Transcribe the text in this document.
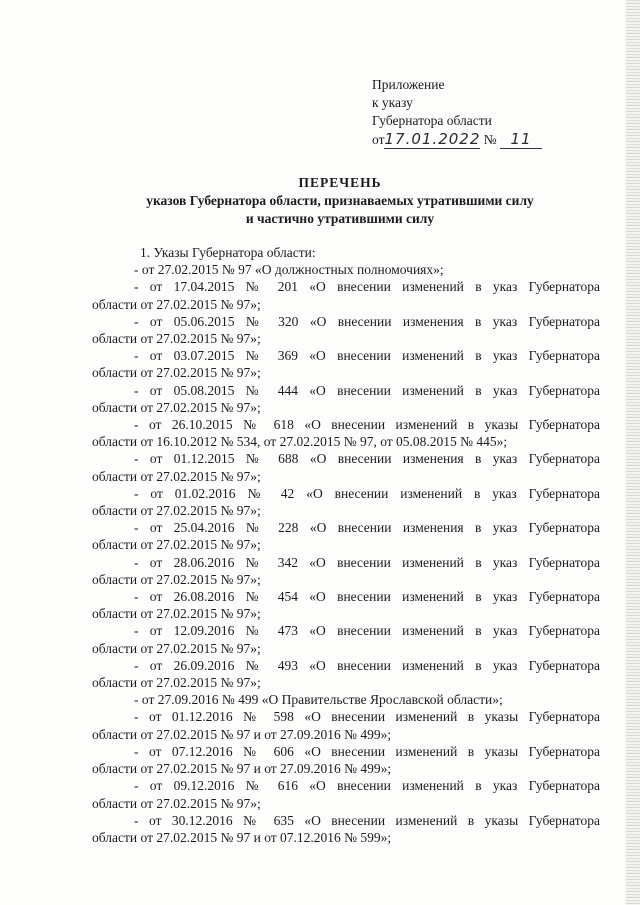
Приложение
к указу
Губернатора области
от17.01.2022 № 11
ПЕРЕЧЕНЬ
указов Губернатора области, признаваемых утратившими силу
и частично утратившими силу
1. Указы Губернатора области:
- от 27.02.2015 № 97 «О должностных полномочиях»;
- от 17.04.2015 № 201 «О внесении изменений в указ Губернатора
области от 27.02.2015 № 97»;
- от 05.06.2015 № 320 «О внесении изменения в указ Губернатора
области от 27.02.2015 № 97»;
- от 03.07.2015 № 369 «О внесении изменений в указ Губернатора
области от 27.02.2015 № 97»;
- от 05.08.2015 № 444 «О внесении изменений в указ Губернатора
области от 27.02.2015 № 97»;
- от 26.10.2015 № 618 «О внесении изменений в указы Губернатора
области от 16.10.2012 № 534, от 27.02.2015 № 97, от 05.08.2015 № 445»;
- от 01.12.2015 № 688 «О внесении изменения в указ Губернатора
области от 27.02.2015 № 97»;
- от 01.02.2016 № 42 «О внесении изменений в указ Губернатора
области от 27.02.2015 № 97»;
- от 25.04.2016 № 228 «О внесении изменения в указ Губернатора
области от 27.02.2015 № 97»;
- от 28.06.2016 № 342 «О внесении изменений в указ Губернатора
области от 27.02.2015 № 97»;
- от 26.08.2016 № 454 «О внесении изменений в указ Губернатора
области от 27.02.2015 № 97»;
- от 12.09.2016 № 473 «О внесении изменений в указ Губернатора
области от 27.02.2015 № 97»;
- от 26.09.2016 № 493 «О внесении изменений в указ Губернатора
области от 27.02.2015 № 97»;
- от 27.09.2016 № 499 «О Правительстве Ярославской области»;
- от 01.12.2016 № 598 «О внесении изменений в указы Губернатора
области от 27.02.2015 № 97 и от 27.09.2016 № 499»;
- от 07.12.2016 № 606 «О внесении изменений в указы Губернатора
области от 27.02.2015 № 97 и от 27.09.2016 № 499»;
- от 09.12.2016 № 616 «О внесении изменений в указ Губернатора
области от 27.02.2015 № 97»;
- от 30.12.2016 № 635 «О внесении изменений в указы Губернатора
области от 27.02.2015 № 97 и от 07.12.2016 № 599»;
